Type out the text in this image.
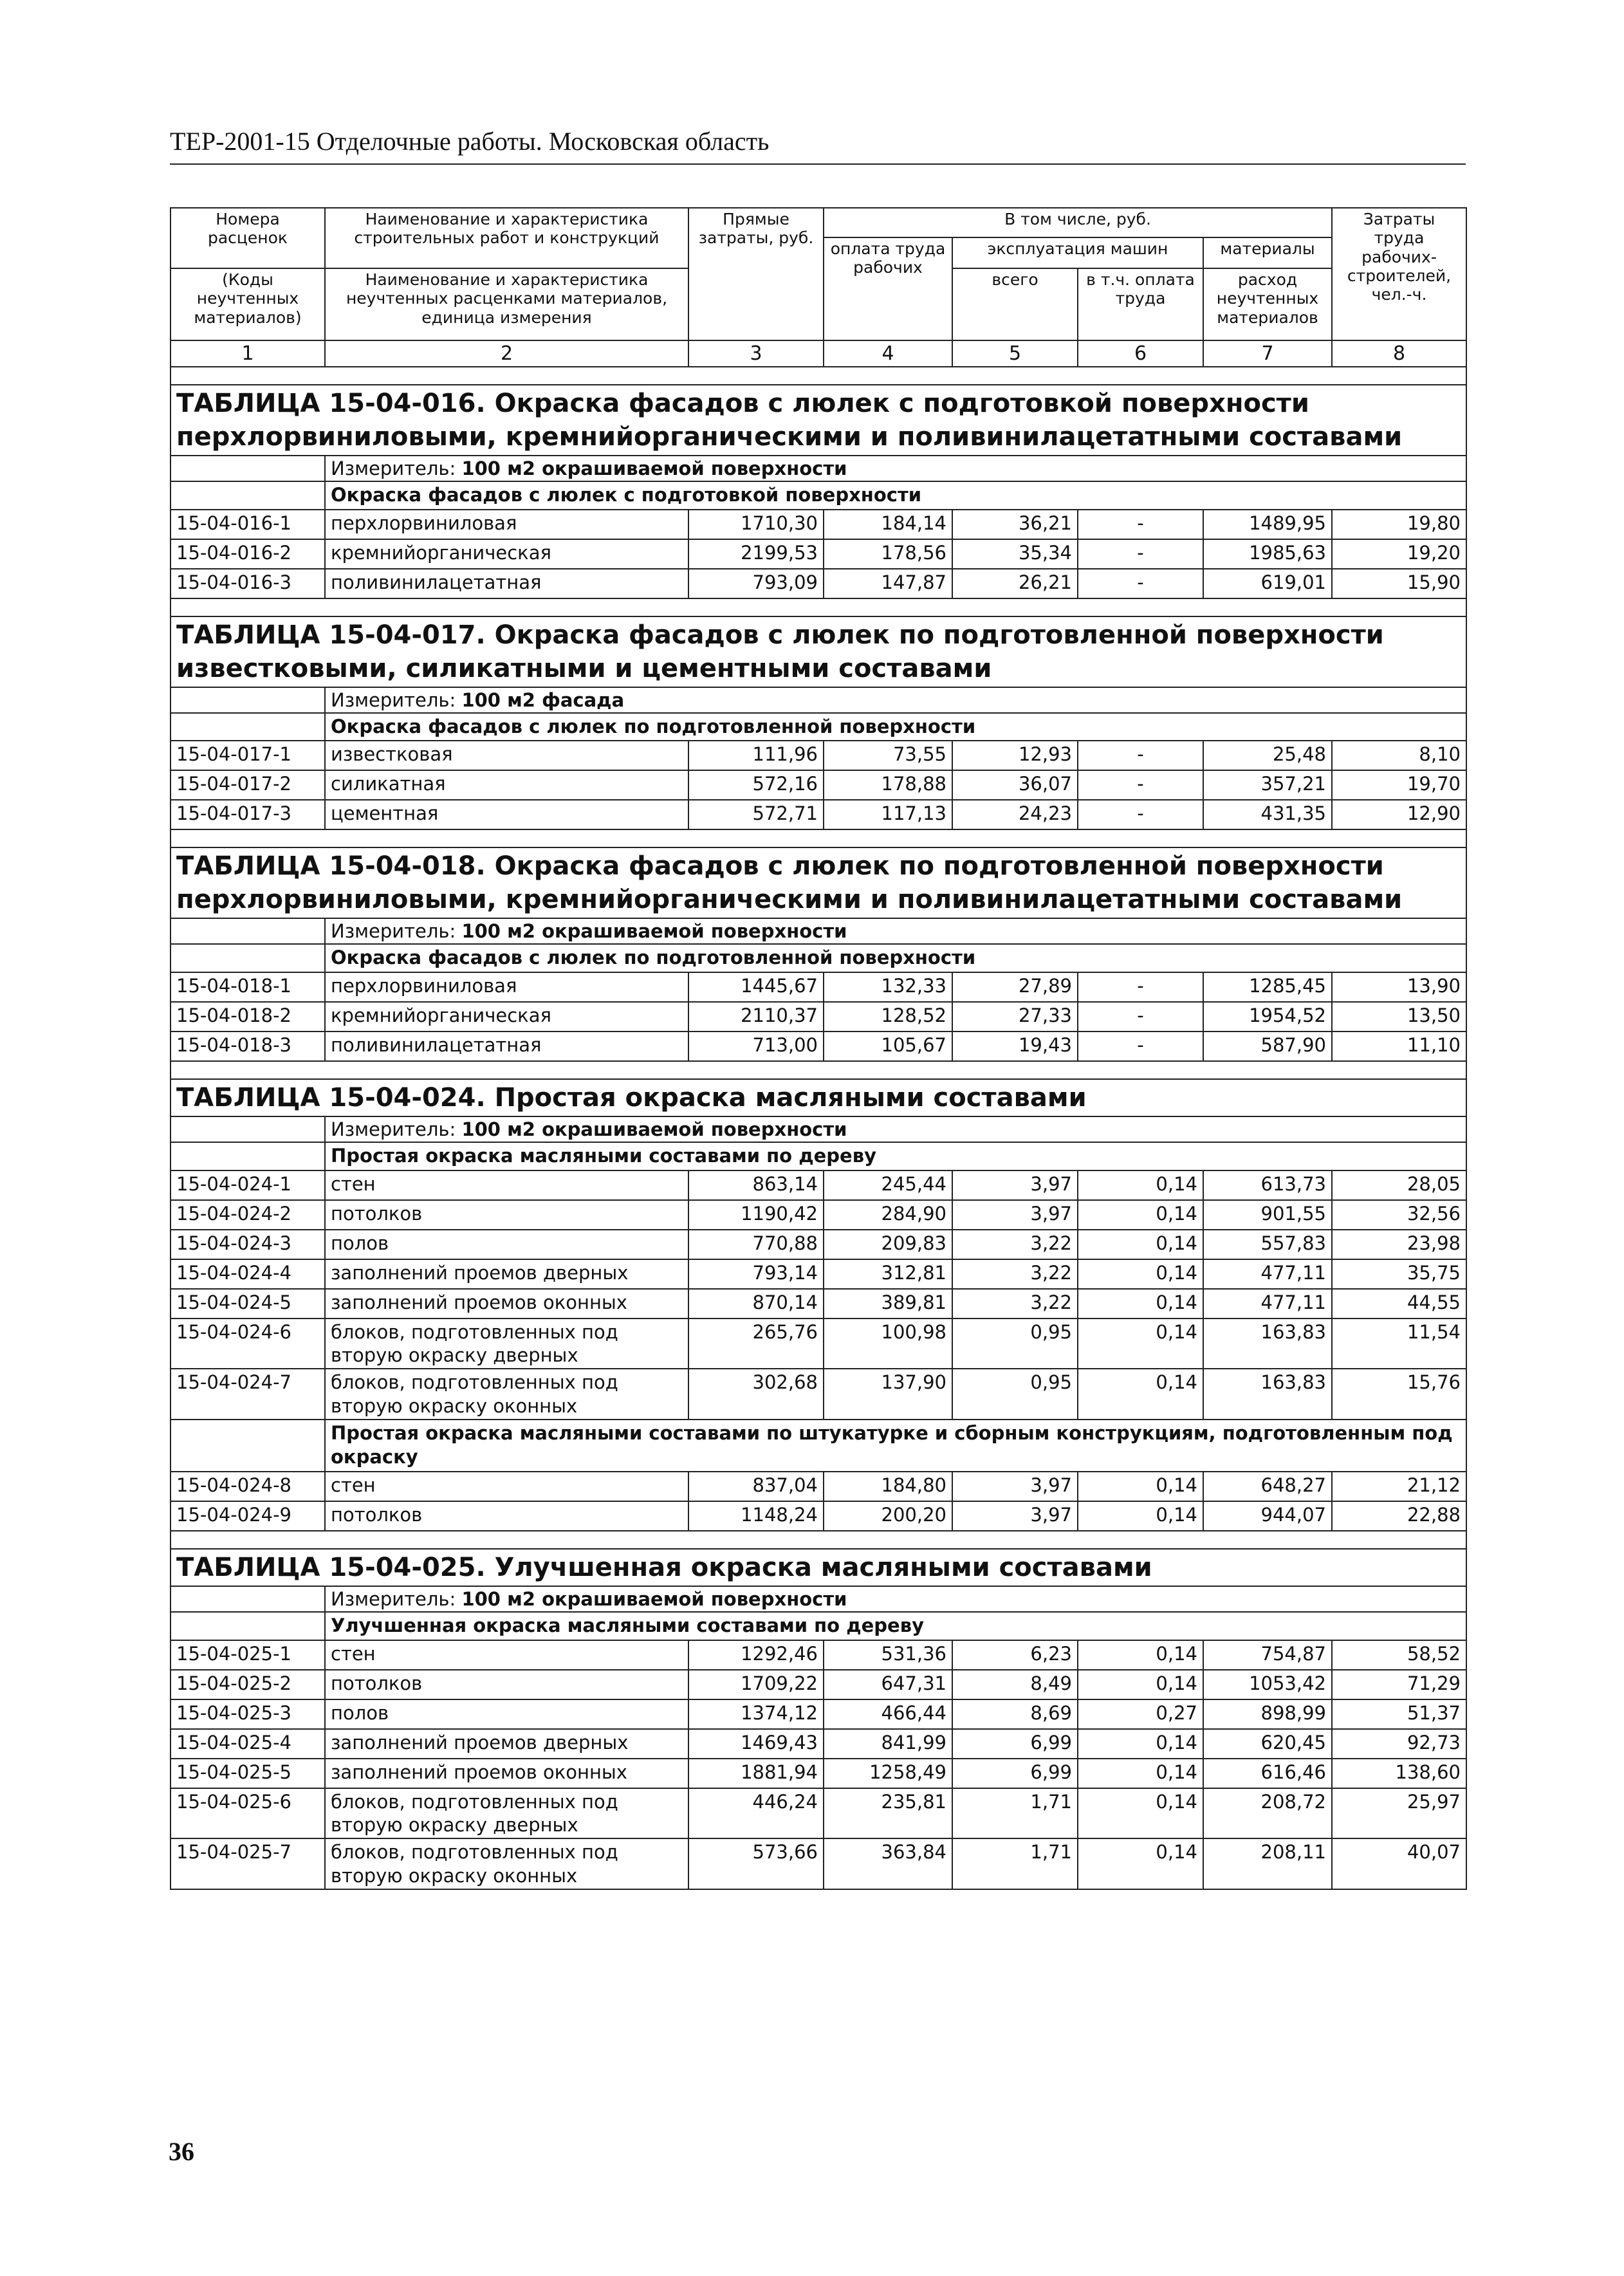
ТЕР-2001-15 Отделочные работы. Московская область
Номера расценок	Наименование и характеристика строительных работ и конструкций	Прямые затраты, руб.	В том числе, руб.				Затраты труда рабочих-строителей, чел.-ч.
			оплата труда рабочих	эксплуатация машин		материалы	
(Коды неучтенных материалов)	Наименование и характеристика неучтенных расценками материалов, единица измерения			всего	в т.ч. оплата труда	расход неучтенных материалов	
1	2	3	4	5	6	7	8

ТАБЛИЦА 15-04-016. Окраска фасадов с люлек с подготовкой поверхности перхлорвиниловыми, кремнийорганическими и поливинилацетатными составами							
	Измеритель: 100 м2 окрашиваемой поверхности						
	Окраска фасадов с люлек с подготовкой поверхности						
15-04-016-1	перхлорвиниловая	1710,30	184,14	36,21	-	1489,95	19,80
15-04-016-2	кремнийорганическая	2199,53	178,56	35,34	-	1985,63	19,20
15-04-016-3	поливинилацетатная	793,09	147,87	26,21	-	619,01	15,90

ТАБЛИЦА 15-04-017. Окраска фасадов с люлек по подготовленной поверхности известковыми, силикатными и цементными составами							
	Измеритель: 100 м2 фасада						
	Окраска фасадов с люлек по подготовленной поверхности						
15-04-017-1	известковая	111,96	73,55	12,93	-	25,48	8,10
15-04-017-2	силикатная	572,16	178,88	36,07	-	357,21	19,70
15-04-017-3	цементная	572,71	117,13	24,23	-	431,35	12,90

ТАБЛИЦА 15-04-018. Окраска фасадов с люлек по подготовленной поверхности перхлорвиниловыми, кремнийорганическими и поливинилацетатными составами							
	Измеритель: 100 м2 окрашиваемой поверхности						
	Окраска фасадов с люлек по подготовленной поверхности						
15-04-018-1	перхлорвиниловая	1445,67	132,33	27,89	-	1285,45	13,90
15-04-018-2	кремнийорганическая	2110,37	128,52	27,33	-	1954,52	13,50
15-04-018-3	поливинилацетатная	713,00	105,67	19,43	-	587,90	11,10

ТАБЛИЦА 15-04-024. Простая окраска масляными составами							
	Измеритель: 100 м2 окрашиваемой поверхности						
	Простая окраска масляными составами по дереву						
15-04-024-1	стен	863,14	245,44	3,97	0,14	613,73	28,05
15-04-024-2	потолков	1190,42	284,90	3,97	0,14	901,55	32,56
15-04-024-3	полов	770,88	209,83	3,22	0,14	557,83	23,98
15-04-024-4	заполнений проемов дверных	793,14	312,81	3,22	0,14	477,11	35,75
15-04-024-5	заполнений проемов оконных	870,14	389,81	3,22	0,14	477,11	44,55
15-04-024-6	блоков, подготовленных под вторую окраску дверных	265,76	100,98	0,95	0,14	163,83	11,54
15-04-024-7	блоков, подготовленных под вторую окраску оконных	302,68	137,90	0,95	0,14	163,83	15,76
	Простая окраска масляными составами по штукатурке и сборным конструкциям, подготовленным под окраску						
15-04-024-8	стен	837,04	184,80	3,97	0,14	648,27	21,12
15-04-024-9	потолков	1148,24	200,20	3,97	0,14	944,07	22,88

ТАБЛИЦА 15-04-025. Улучшенная окраска масляными составами							
	Измеритель: 100 м2 окрашиваемой поверхности						
	Улучшенная окраска масляными составами по дереву						
15-04-025-1	стен	1292,46	531,36	6,23	0,14	754,87	58,52
15-04-025-2	потолков	1709,22	647,31	8,49	0,14	1053,42	71,29
15-04-025-3	полов	1374,12	466,44	8,69	0,27	898,99	51,37
15-04-025-4	заполнений проемов дверных	1469,43	841,99	6,99	0,14	620,45	92,73
15-04-025-5	заполнений проемов оконных	1881,94	1258,49	6,99	0,14	616,46	138,60
15-04-025-6	блоков, подготовленных под вторую окраску дверных	446,24	235,81	1,71	0,14	208,72	25,97
15-04-025-7	блоков, подготовленных под вторую окраску оконных	573,66	363,84	1,71	0,14	208,11	40,07
36
